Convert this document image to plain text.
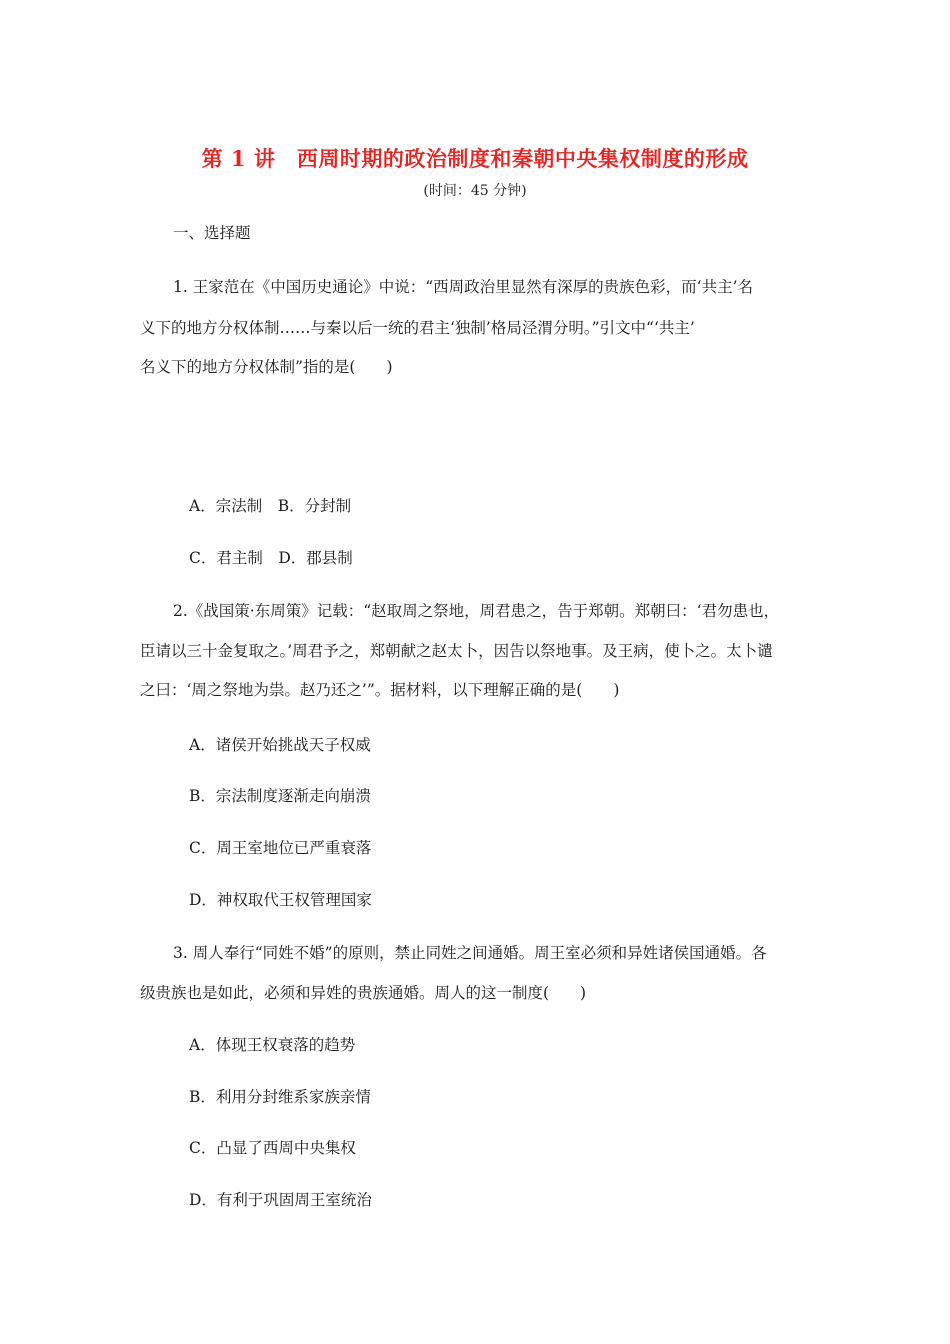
第 1 讲　西周时期的政治制度和秦朝中央集权制度的形成
(时间：45 分钟)
一、选择题
1. 王家范在《中国历史通论》中说：“西周政治里显然有深厚的贵族色彩，而‘共主’名
义下的地方分权体制……与秦以后一统的君主‘独制’格局泾渭分明。”引文中“‘共主’
名义下的地方分权体制”指的是(　　)
A．宗法制　B．分封制
C．君主制　D．郡县制
2.《战国策·东周策》记载：“赵取周之祭地，周君患之，告于郑朝。郑朝曰：‘君勿患也，
臣请以三十金复取之。’周君予之，郑朝献之赵太卜，因告以祭地事。及王病，使卜之。太卜谴
之曰：‘周之祭地为祟。赵乃还之’”。据材料，以下理解正确的是(　　)
A．诸侯开始挑战天子权威
B．宗法制度逐渐走向崩溃
C．周王室地位已严重衰落
D．神权取代王权管理国家
3. 周人奉行“同姓不婚”的原则，禁止同姓之间通婚。周王室必须和异姓诸侯国通婚。各
级贵族也是如此，必须和异姓的贵族通婚。周人的这一制度(　　)
A．体现王权衰落的趋势
B．利用分封维系家族亲情
C．凸显了西周中央集权
D．有利于巩固周王室统治
